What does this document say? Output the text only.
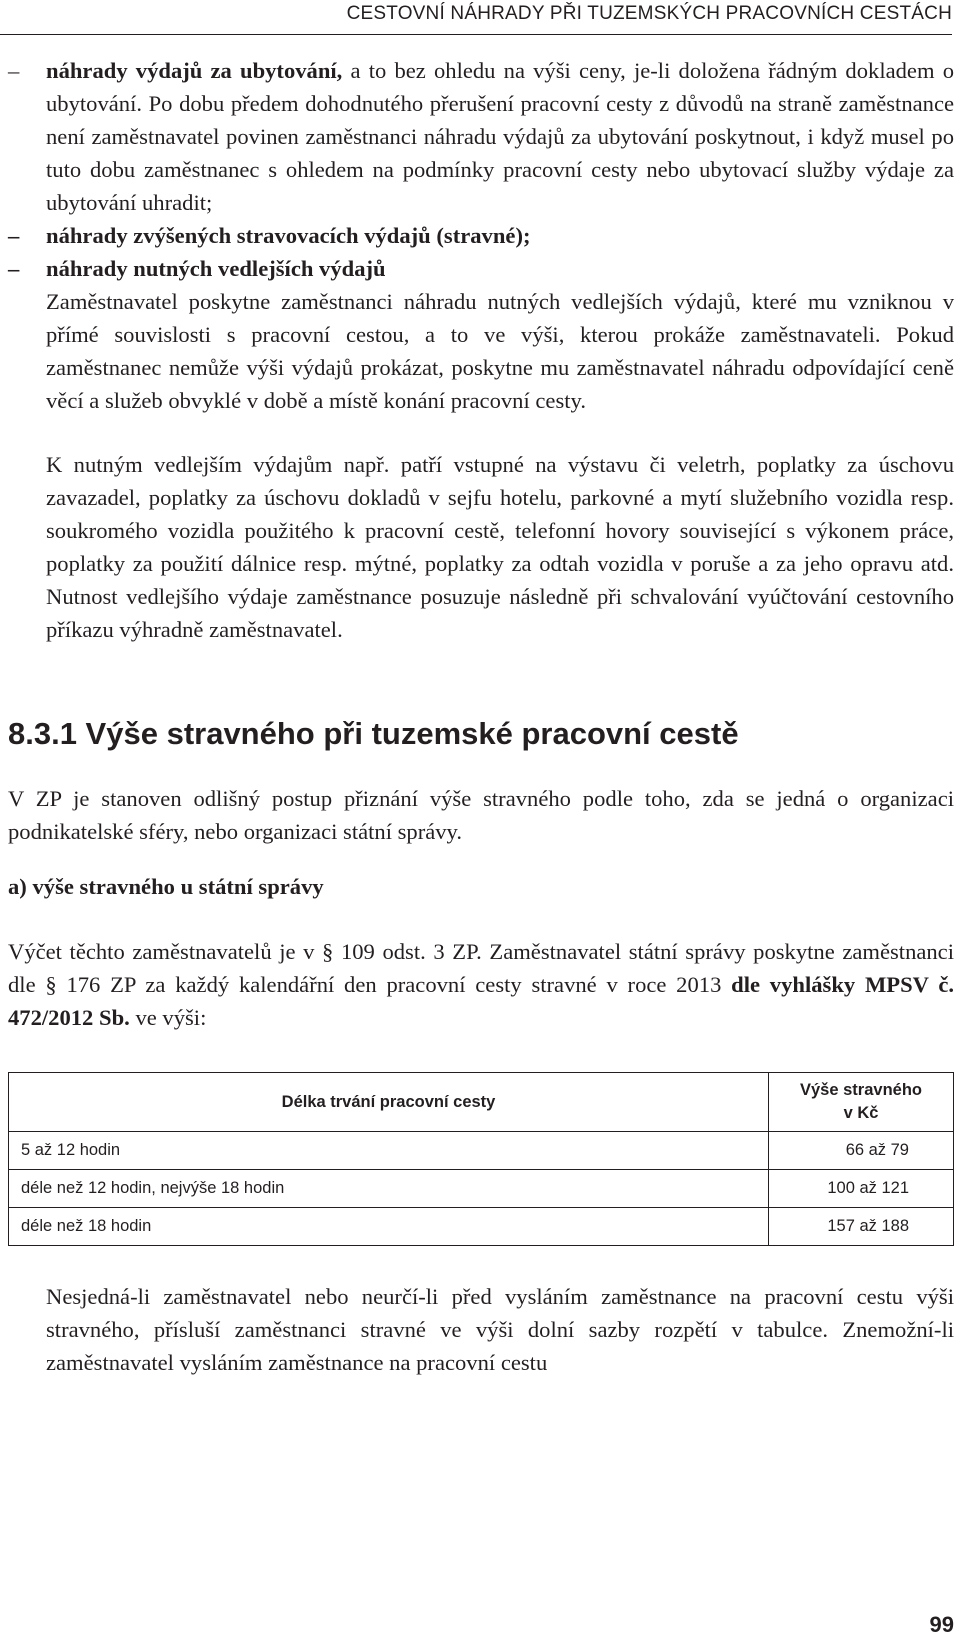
CESTOVNÍ NÁHRADY PŘI TUZEMSKÝCH PRACOVNÍCH CESTÁCH
– náhrady výdajů za ubytování, a to bez ohledu na výši ceny, je-li doložena řádným dokladem o ubytování. Po dobu předem dohodnutého přerušení pracovní cesty z důvodů na straně zaměstnance není zaměstnavatel povinen zaměstnanci náhradu výdajů za ubytování poskytnout, i když musel po tuto dobu zaměstnanec s ohledem na podmínky pracovní cesty nebo ubytovací služby výdaje za ubytování uhradit;
– náhrady zvýšených stravovacích výdajů (stravné);
– náhrady nutných vedlejších výdajů

Zaměstnavatel poskytne zaměstnanci náhradu nutných vedlejších výdajů, které mu vzniknou v přímé souvislosti s pracovní cestou, a to ve výši, kterou prokáže zaměstnavateli. Pokud zaměstnanec nemůže výši výdajů prokázat, poskytne mu zaměstnavatel náhradu odpovídající ceně věcí a služeb obvyklé v době a místě konání pracovní cesty.

K nutným vedlejším výdajům např. patří vstupné na výstavu či veletrh, poplatky za úschovu zavazadel, poplatky za úschovu dokladů v sejfu hotelu, parkovné a mytí služebního vozidla resp. soukromého vozidla použitého k pracovní cestě, telefonní hovory související s výkonem práce, poplatky za použití dálnice resp. mýtné, poplatky za odtah vozidla v poruše a za jeho opravu atd. Nutnost vedlejšího výdaje zaměstnance posuzuje následně při schvalování vyúčtování cestovního příkazu výhradně zaměstnavatel.

8.3.1 Výše stravného při tuzemské pracovní cestě

V ZP je stanoven odlišný postup přiznání výše stravného podle toho, zda se jedná o organizaci podnikatelské sféry, nebo organizaci státní správy.

a) výše stravného u státní správy

Výčet těchto zaměstnavatelů je v § 109 odst. 3 ZP. Zaměstnavatel státní správy poskytne zaměstnanci dle § 176 ZP za každý kalendářní den pracovní cesty stravné v roce 2013 dle vyhlášky MPSV č. 472/2012 Sb. ve výši:

Délka trvání pracovní cesty	Výše stravného
v Kč
5 až 12 hodin	66 až 79
déle než 12 hodin, nejvýše 18 hodin	100 až 121
déle než 18 hodin	157 až 188

Nesjedná-li zaměstnavatel nebo neurčí-li před vysláním zaměstnance na pracovní cestu výši stravného, přísluší zaměstnanci stravné ve výši dolní sazby rozpětí v tabulce. Znemožní-li zaměstnavatel vysláním zaměstnance na pracovní cestu

99
